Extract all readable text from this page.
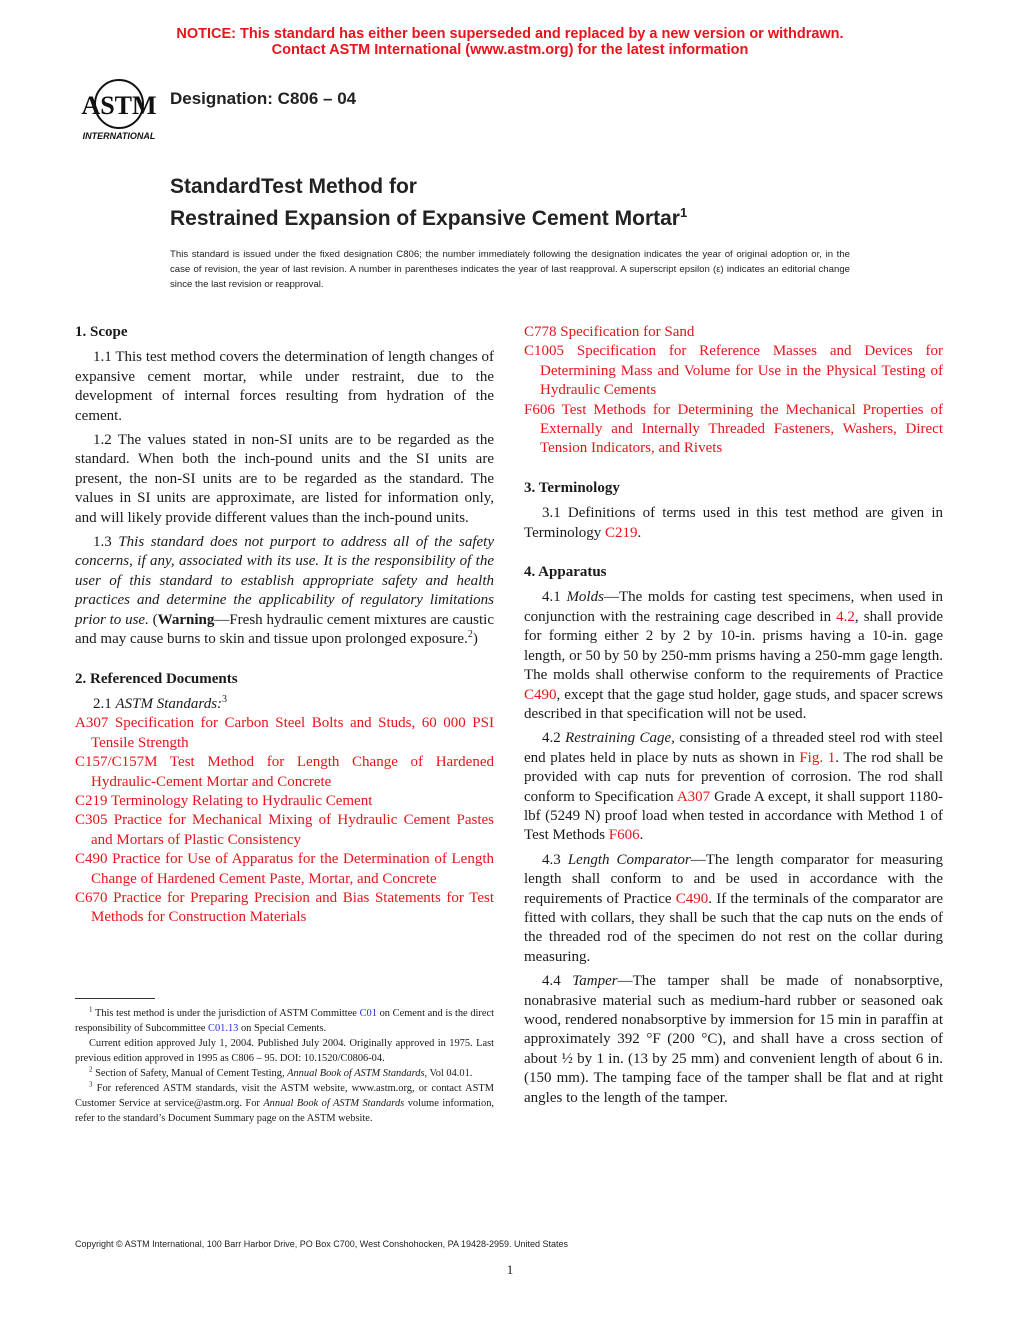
NOTICE: This standard has either been superseded and replaced by a new version or withdrawn.
Contact ASTM International (www.astm.org) for the latest information
ASTM
INTERNATIONAL
Designation: C806 – 04
StandardTest Method for
Restrained Expansion of Expansive Cement Mortar$^1$
This standard is issued under the fixed designation C806; the number immediately following the designation indicates the year of original adoption or, in the case of revision, the year of last revision. A number in parentheses indicates the year of last reapproval. A superscript epsilon (ε) indicates an editorial change since the last revision or reapproval.
1. Scope
1.1 This test method covers the determination of length changes of expansive cement mortar, while under restraint, due to the development of internal forces resulting from hydration of the cement.
1.2 The values stated in non-SI units are to be regarded as the standard. When both the inch-pound units and the SI units are present, the non-SI units are to be regarded as the standard. The values in SI units are approximate, are listed for information only, and will likely provide different values than the inch-pound units.
1.3 This standard does not purport to address all of the safety concerns, if any, associated with its use. It is the responsibility of the user of this standard to establish appropriate safety and health practices and determine the applicability of regulatory limitations prior to use. (Warning—Fresh hydraulic cement mixtures are caustic and may cause burns to skin and tissue upon prolonged exposure.$^2$)
2. Referenced Documents
2.1 ASTM Standards:$^3$
A307 Specification for Carbon Steel Bolts and Studs, 60 000 PSI Tensile Strength
C157/C157M Test Method for Length Change of Hardened Hydraulic-Cement Mortar and Concrete
C219 Terminology Relating to Hydraulic Cement
C305 Practice for Mechanical Mixing of Hydraulic Cement Pastes and Mortars of Plastic Consistency
C490 Practice for Use of Apparatus for the Determination of Length Change of Hardened Cement Paste, Mortar, and Concrete
C670 Practice for Preparing Precision and Bias Statements for Test Methods for Construction Materials
C778 Specification for Sand
C1005 Specification for Reference Masses and Devices for Determining Mass and Volume for Use in the Physical Testing of Hydraulic Cements
F606 Test Methods for Determining the Mechanical Properties of Externally and Internally Threaded Fasteners, Washers, Direct Tension Indicators, and Rivets
3. Terminology
3.1 Definitions of terms used in this test method are given in Terminology C219.
4. Apparatus
4.1 Molds—The molds for casting test specimens, when used in conjunction with the restraining cage described in 4.2, shall provide for forming either 2 by 2 by 10-in. prisms having a 10-in. gage length, or 50 by 50 by 250-mm prisms having a 250-mm gage length. The molds shall otherwise conform to the requirements of Practice C490, except that the gage stud holder, gage studs, and spacer screws described in that specification will not be used.
4.2 Restraining Cage, consisting of a threaded steel rod with steel end plates held in place by nuts as shown in Fig. 1. The rod shall be provided with cap nuts for prevention of corrosion. The rod shall conform to Specification A307 Grade A except, it shall support 1180-lbf (5249 N) proof load when tested in accordance with Method 1 of Test Methods F606.
4.3 Length Comparator—The length comparator for measuring length shall conform to and be used in accordance with the requirements of Practice C490. If the terminals of the comparator are fitted with collars, they shall be such that the cap nuts on the ends of the threaded rod of the specimen do not rest on the collar during measuring.
4.4 Tamper—The tamper shall be made of nonabsorptive, nonabrasive material such as medium-hard rubber or seasoned oak wood, rendered nonabsorptive by immersion for 15 min in paraffin at approximately 392 °F (200 °C), and shall have a cross section of about ½ by 1 in. (13 by 25 mm) and convenient length of about 6 in. (150 mm). The tamping face of the tamper shall be flat and at right angles to the length of the tamper.
$^1$ This test method is under the jurisdiction of ASTM Committee C01 on Cement and is the direct responsibility of Subcommittee C01.13 on Special Cements.
Current edition approved July 1, 2004. Published July 2004. Originally approved in 1975. Last previous edition approved in 1995 as C806 – 95. DOI: 10.1520/C0806-04.
$^2$ Section of Safety, Manual of Cement Testing, Annual Book of ASTM Standards, Vol 04.01.
$^3$ For referenced ASTM standards, visit the ASTM website, www.astm.org, or contact ASTM Customer Service at service@astm.org. For Annual Book of ASTM Standards volume information, refer to the standard’s Document Summary page on the ASTM website.
Copyright © ASTM International, 100 Barr Harbor Drive, PO Box C700, West Conshohocken, PA 19428-2959. United States
1
